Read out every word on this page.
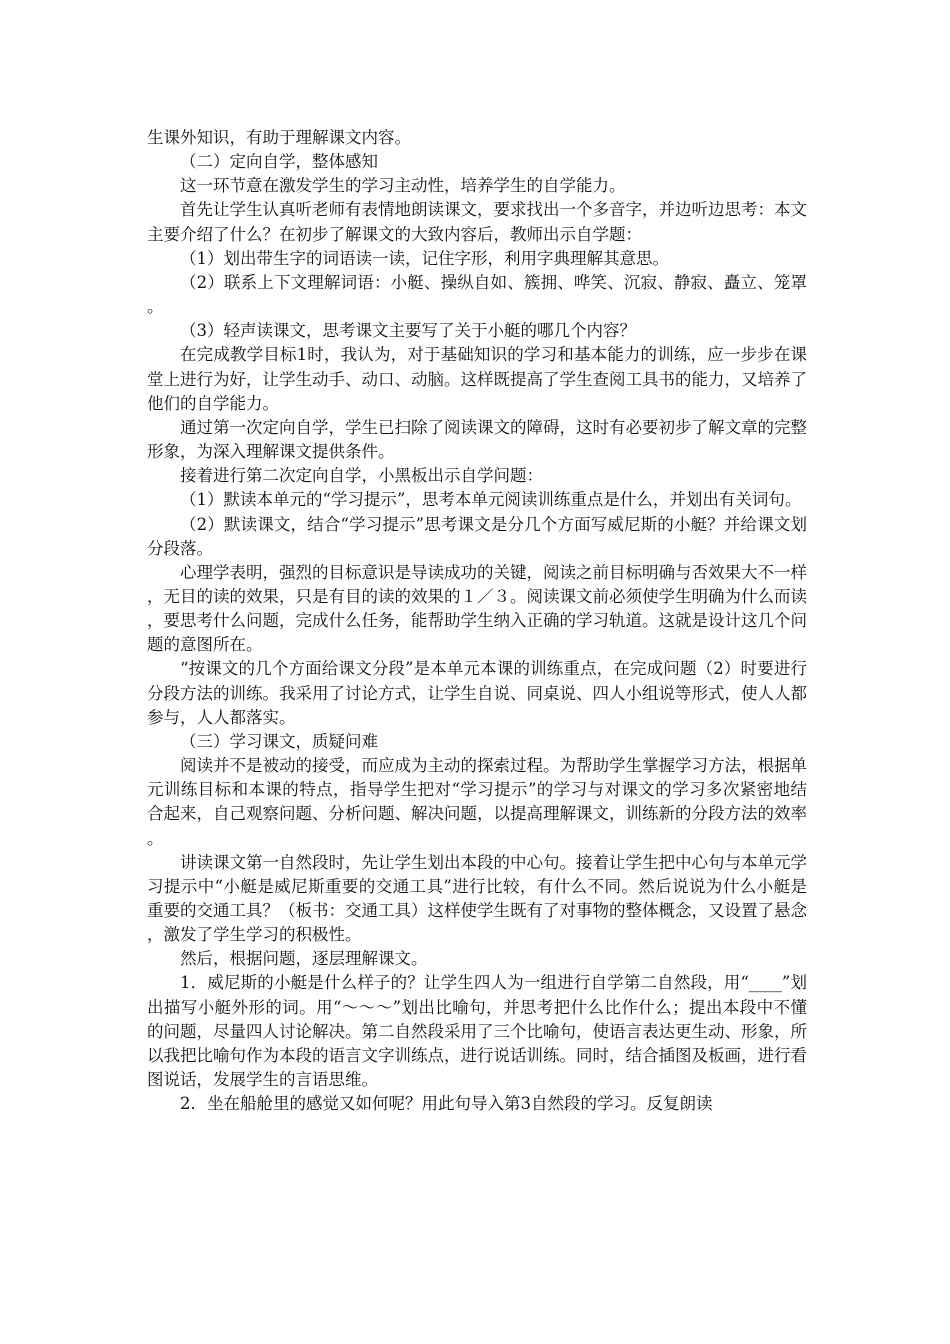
生课外知识，有助于理解课文内容。

（二）定向自学，整体感知

这一环节意在激发学生的学习主动性，培养学生的自学能力。

首先让学生认真听老师有表情地朗读课文，要求找出一个多音字，并边听边思考：本文主要介绍了什么？在初步了解课文的大致内容后，教师出示自学题：

（1）划出带生字的词语读一读，记住字形，利用字典理解其意思。

（2）联系上下文理解词语：小艇、操纵自如、簇拥、哗笑、沉寂、静寂、矗立、笼罩。

（3）轻声读课文，思考课文主要写了关于小艇的哪几个内容？

在完成教学目标1时，我认为，对于基础知识的学习和基本能力的训练，应一步步在课堂上进行为好，让学生动手、动口、动脑。这样既提高了学生查阅工具书的能力，又培养了他们的自学能力。

通过第一次定向自学，学生已扫除了阅读课文的障碍，这时有必要初步了解文章的完整形象，为深入理解课文提供条件。

接着进行第二次定向自学，小黑板出示自学问题：

（1）默读本单元的“学习提示”，思考本单元阅读训练重点是什么，并划出有关词句。

（2）默读课文，结合“学习提示”思考课文是分几个方面写威尼斯的小艇？并给课文划分段落。

心理学表明，强烈的目标意识是导读成功的关键，阅读之前目标明确与否效果大不一样，无目的读的效果，只是有目的读的效果的１／３。阅读课文前必须使学生明确为什么而读，要思考什么问题，完成什么任务，能帮助学生纳入正确的学习轨道。这就是设计这几个问题的意图所在。

“按课文的几个方面给课文分段”是本单元本课的训练重点，在完成问题（2）时要进行分段方法的训练。我采用了讨论方式，让学生自说、同桌说、四人小组说等形式，使人人都参与，人人都落实。

（三）学习课文，质疑问难

阅读并不是被动的接受，而应成为主动的探索过程。为帮助学生掌握学习方法，根据单元训练目标和本课的特点，指导学生把对“学习提示”的学习与对课文的学习多次紧密地结合起来，自己观察问题、分析问题、解决问题，以提高理解课文，训练新的分段方法的效率。

讲读课文第一自然段时，先让学生划出本段的中心句。接着让学生把中心句与本单元学习提示中“小艇是威尼斯重要的交通工具”进行比较，有什么不同。然后说说为什么小艇是重要的交通工具？（板书：交通工具）这样使学生既有了对事物的整体概念，又设置了悬念，激发了学生学习的积极性。

然后，根据问题，逐层理解课文。

1．威尼斯的小艇是什么样子的？让学生四人为一组进行自学第二自然段，用“____”划出描写小艇外形的词。用“～～～”划出比喻句，并思考把什么比作什么；提出本段中不懂的问题，尽量四人讨论解决。第二自然段采用了三个比喻句，使语言表达更生动、形象，所以我把比喻句作为本段的语言文字训练点，进行说话训练。同时，结合插图及板画，进行看图说话，发展学生的言语思维。

2．坐在船舱里的感觉又如何呢？用此句导入第3自然段的学习。反复朗读
